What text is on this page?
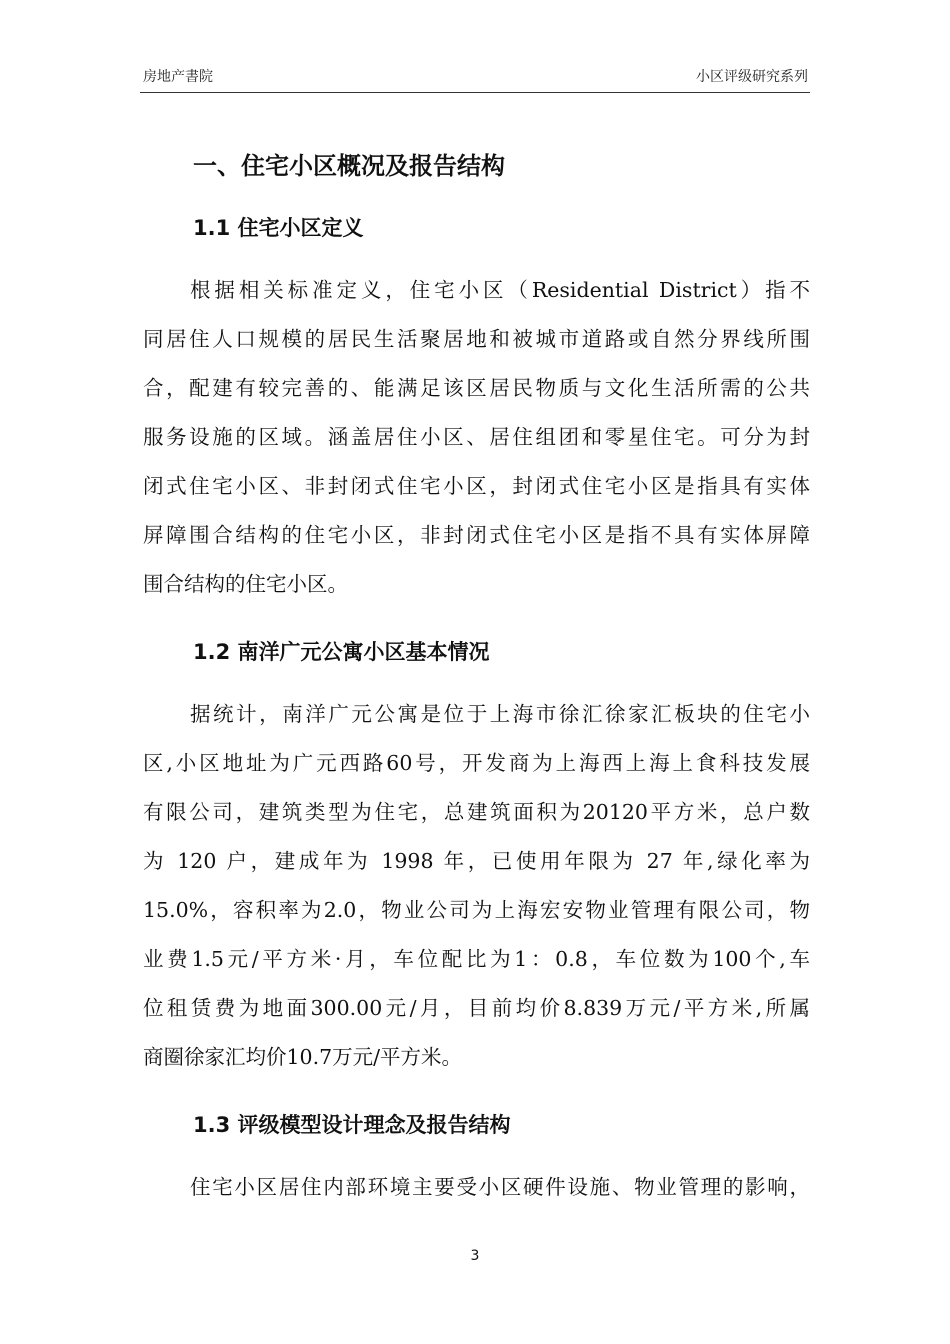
房地产書院	小区评级研究系列
一、住宅小区概况及报告结构
1.1 住宅小区定义
根据相关标准定义，住宅小区（Residential District）指不
同居住人口规模的居民生活聚居地和被城市道路或自然分界线所围
合，配建有较完善的、能满足该区居民物质与文化生活所需的公共
服务设施的区域。涵盖居住小区、居住组团和零星住宅。可分为封
闭式住宅小区、非封闭式住宅小区，封闭式住宅小区是指具有实体
屏障围合结构的住宅小区，非封闭式住宅小区是指不具有实体屏障
围合结构的住宅小区。
1.2 南洋广元公寓小区基本情况
据统计，南洋广元公寓是位于上海市徐汇徐家汇板块的住宅小
区,小区地址为广元西路60号，开发商为上海西上海上食科技发展
有限公司，建筑类型为住宅，总建筑面积为20120平方米，总户数
为 120 户，建成年为 1998 年，已使用年限为 27 年,绿化率为
15.0%，容积率为2.0，物业公司为上海宏安物业管理有限公司，物
业费1.5元/平方米·月，车位配比为1：0.8，车位数为100个,车
位租赁费为地面300.00元/月，目前均价8.839万元/平方米,所属
商圈徐家汇均价10.7万元/平方米。
1.3 评级模型设计理念及报告结构
住宅小区居住内部环境主要受小区硬件设施、物业管理的影响，
3
